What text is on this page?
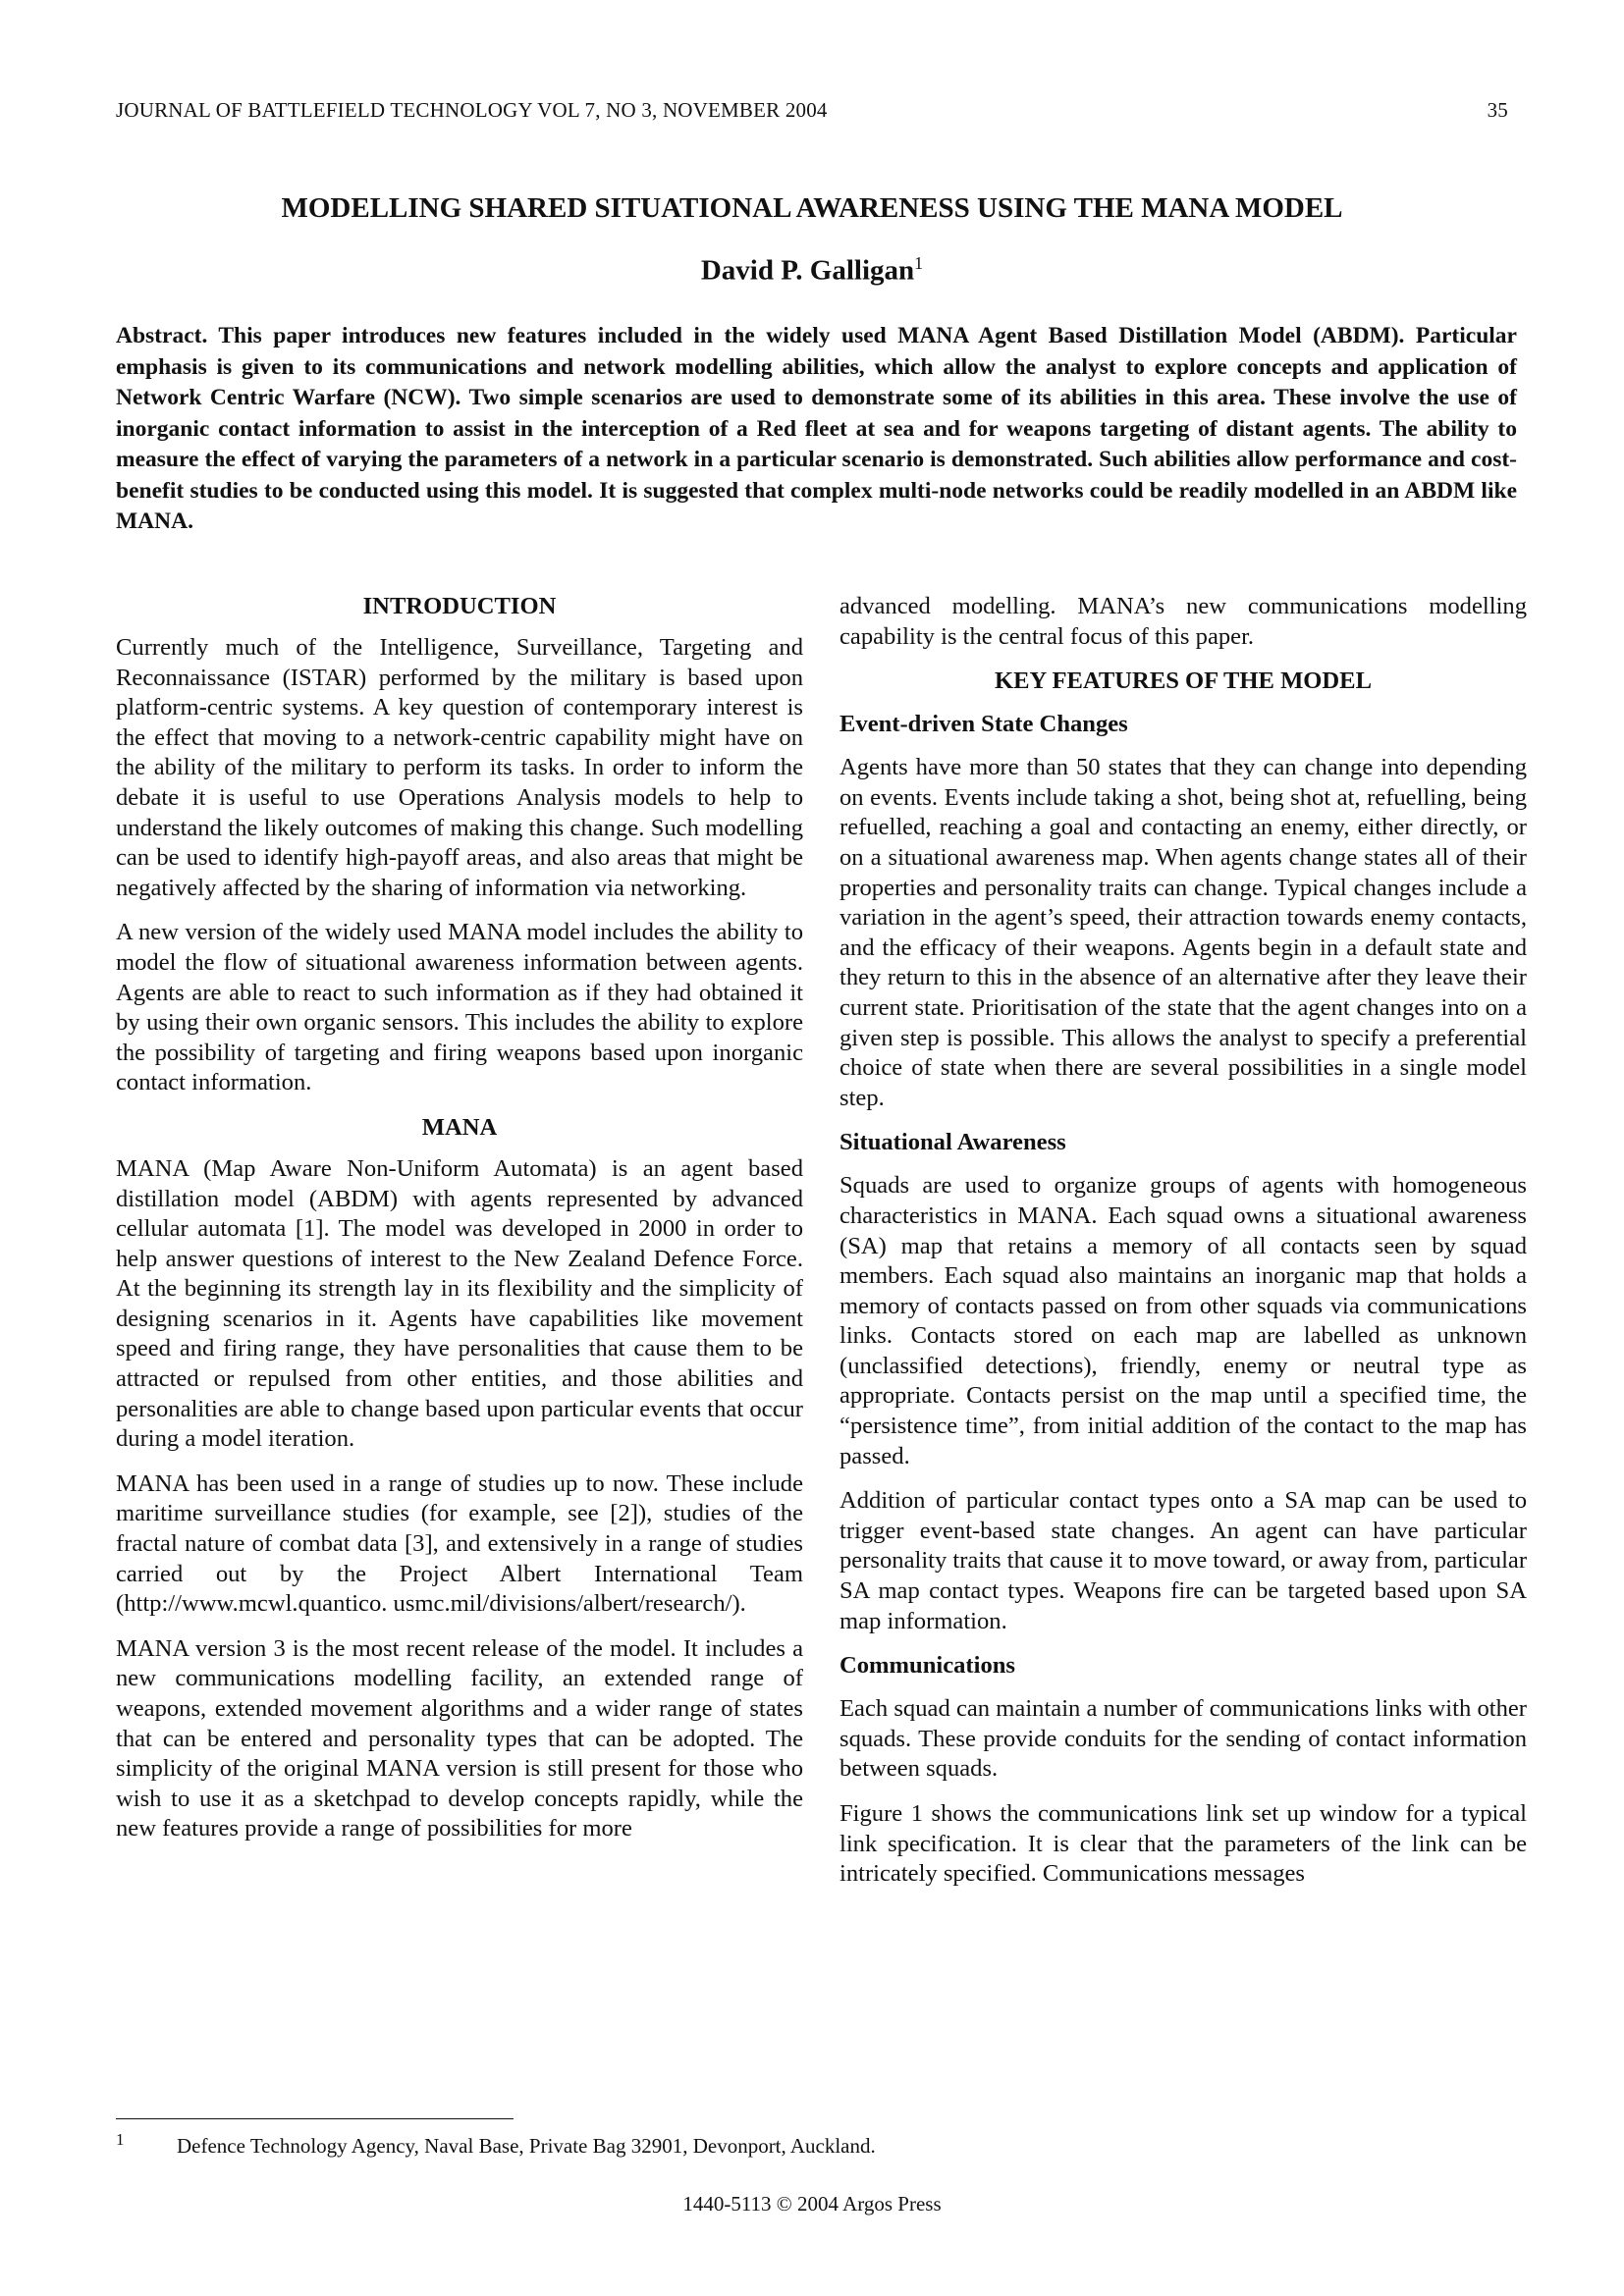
JOURNAL OF BATTLEFIELD TECHNOLOGY VOL 7, NO 3, NOVEMBER 2004	35
MODELLING SHARED SITUATIONAL AWARENESS USING THE MANA MODEL
David P. Galligan$^1$

Abstract. This paper introduces new features included in the widely used MANA Agent Based Distillation Model (ABDM). Particular emphasis is given to its communications and network modelling abilities, which allow the analyst to explore concepts and application of Network Centric Warfare (NCW). Two simple scenarios are used to demonstrate some of its abilities in this area. These involve the use of inorganic contact information to assist in the interception of a Red fleet at sea and for weapons targeting of distant agents. The ability to measure the effect of varying the parameters of a network in a particular scenario is demonstrated. Such abilities allow performance and cost-benefit studies to be conducted using this model. It is suggested that complex multi-node networks could be readily modelled in an ABDM like MANA.

INTRODUCTION

Currently much of the Intelligence, Surveillance, Targeting and Reconnaissance (ISTAR) performed by the military is based upon platform-centric systems. A key question of contemporary interest is the effect that moving to a network-centric capability might have on the ability of the military to perform its tasks. In order to inform the debate it is useful to use Operations Analysis models to help to understand the likely outcomes of making this change. Such modelling can be used to identify high-payoff areas, and also areas that might be negatively affected by the sharing of information via networking.

A new version of the widely used MANA model includes the ability to model the flow of situational awareness information between agents. Agents are able to react to such information as if they had obtained it by using their own organic sensors. This includes the ability to explore the possibility of targeting and firing weapons based upon inorganic contact information.

MANA

MANA (Map Aware Non-Uniform Automata) is an agent based distillation model (ABDM) with agents represented by advanced cellular automata [1]. The model was developed in 2000 in order to help answer questions of interest to the New Zealand Defence Force. At the beginning its strength lay in its flexibility and the simplicity of designing scenarios in it. Agents have capabilities like movement speed and firing range, they have personalities that cause them to be attracted or repulsed from other entities, and those abilities and personalities are able to change based upon particular events that occur during a model iteration.

MANA has been used in a range of studies up to now. These include maritime surveillance studies (for example, see [2]), studies of the fractal nature of combat data [3], and extensively in a range of studies carried out by the Project Albert International Team (http://www.mcwl.quantico. usmc.mil/divisions/albert/research/).

MANA version 3 is the most recent release of the model. It includes a new communications modelling facility, an extended range of weapons, extended movement algorithms and a wider range of states that can be entered and personality types that can be adopted. The simplicity of the original MANA version is still present for those who wish to use it as a sketchpad to develop concepts rapidly, while the new features provide a range of possibilities for more

advanced modelling. MANA’s new communications modelling capability is the central focus of this paper.

KEY FEATURES OF THE MODEL
Event-driven State Changes

Agents have more than 50 states that they can change into depending on events. Events include taking a shot, being shot at, refuelling, being refuelled, reaching a goal and contacting an enemy, either directly, or on a situational awareness map. When agents change states all of their properties and personality traits can change. Typical changes include a variation in the agent’s speed, their attraction towards enemy contacts, and the efficacy of their weapons. Agents begin in a default state and they return to this in the absence of an alternative after they leave their current state. Prioritisation of the state that the agent changes into on a given step is possible. This allows the analyst to specify a preferential choice of state when there are several possibilities in a single model step.

Situational Awareness

Squads are used to organize groups of agents with homogeneous characteristics in MANA. Each squad owns a situational awareness (SA) map that retains a memory of all contacts seen by squad members. Each squad also maintains an inorganic map that holds a memory of contacts passed on from other squads via communications links. Contacts stored on each map are labelled as unknown (unclassified detections), friendly, enemy or neutral type as appropriate. Contacts persist on the map until a specified time, the “persistence time”, from initial addition of the contact to the map has passed.

Addition of particular contact types onto a SA map can be used to trigger event-based state changes. An agent can have particular personality traits that cause it to move toward, or away from, particular SA map contact types. Weapons fire can be targeted based upon SA map information.

Communications

Each squad can maintain a number of communications links with other squads. These provide conduits for the sending of contact information between squads.

Figure 1 shows the communications link set up window for a typical link specification. It is clear that the parameters of the link can be intricately specified. Communications messages

1	Defence Technology Agency, Naval Base, Private Bag 32901, Devonport, Auckland.
1440-5113 © 2004 Argos Press
